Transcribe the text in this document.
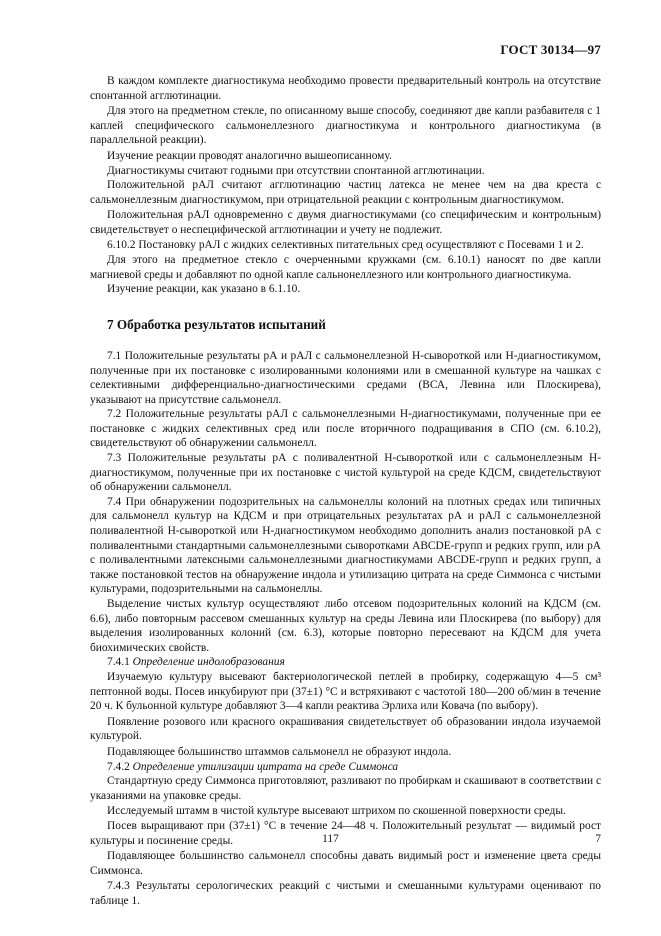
ГОСТ 30134—97

В каждом комплекте диагностикума необходимо провести предварительный контроль на отсутствие спонтанной агглютинации.

Для этого на предметном стекле, по описанному выше способу, соединяют две капли разбавителя с 1 каплей специфического сальмонеллезного диагностикума и контрольного диагностикума (в параллельной реакции).

Изучение реакции проводят аналогично вышеописанному.

Диагностикумы считают годными при отсутствии спонтанной агглютинации.

Положительной рАЛ считают агглютинацию частиц латекса не менее чем на два креста с сальмонеллезным диагностикумом, при отрицательной реакции с контрольным диагностикумом.

Положительная рАЛ одновременно с двумя диагностикумами (со специфическим и контрольным) свидетельствует о неспецифической агглютинации и учету не подлежит.

6.10.2 Постановку рАЛ с жидких селективных питательных сред осуществляют с Посевами 1 и 2.

Для этого на предметное стекло с очерченными кружками (см. 6.10.1) наносят по две капли магниевой среды и добавляют по одной капле сальнонеллезного или контрольного диагностикума.

Изучение реакции, как указано в 6.1.10.

7 Обработка результатов испытаний

7.1 Положительные результаты рА и рАЛ с сальмонеллезной Н-сывороткой или Н-диагностикумом, полученные при их постановке с изолированными колониями или в смешанной культуре на чашках с селективными дифференциально-диагностическими средами (ВСА, Левина или Плоскирева), указывают на присутствие сальмонелл.

7.2 Положительные результаты рАЛ с сальмонеллезными Н-диагностикумами, полученные при ее постановке с жидких селективных сред или после вторичного подращивания в СПО (см. 6.10.2), свидетельствуют об обнаружении сальмонелл.

7.3 Положительные результаты рА с поливалентной Н-сывороткой или с сальмонеллезным Н-диагностикумом, полученные при их постановке с чистой культурой на среде КДСМ, свидетельствуют об обнаружении сальмонелл.

7.4 При обнаружении подозрительных на сальмонеллы колоний на плотных средах или типичных для сальмонелл культур на КДСМ и при отрицательных результатах рА и рАЛ с сальмонеллезной поливалентной Н-сывороткой или Н-диагностикумом необходимо дополнить анализ постановкой рА с поливалентными стандартными сальмонеллезными сыворотками ABCDE-групп и редких групп, или рА с поливалентными латексными сальмонеллезными диагностикумами ABCDE-групп и редких групп, а также постановкой тестов на обнаружение индола и утилизацию цитрата на среде Симмонса с чистыми культурами, подозрительными на сальмонеллы.

Выделение чистых культур осуществляют либо отсевом подозрительных колоний на КДСМ (см. 6.6), либо повторным рассевом смешанных культур на среды Левина или Плоскирева (по выбору) для выделения изолированных колоний (см. 6.3), которые повторно пересевают на КДСМ для учета биохимических свойств.

7.4.1 Определение индолобразования

Изучаемую культуру высевают бактериологической петлей в пробирку, содержащую 4—5 см³ пептонной воды. Посев инкубируют при (37±1) °С и встряхивают с частотой 180—200 об/мин в течение 20 ч. К бульонной культуре добавляют 3—4 капли реактива Эрлиха или Ковача (по выбору).

Появление розового или красного окрашивания свидетельствует об образовании индола изучаемой культурой.

Подавляющее большинство штаммов сальмонелл не образуют индола.

7.4.2 Определение утилизации цитрата на среде Симмонса

Стандартную среду Симмонса приготовляют, разливают по пробиркам и скашивают в соответствии с указаниями на упаковке среды.

Исследуемый штамм в чистой культуре высевают штрихом по скошенной поверхности среды.

Посев выращивают при (37±1) °С в течение 24—48 ч. Положительный результат — видимый рост культуры и посинение среды.

Подавляющее большинство сальмонелл способны давать видимый рост и изменение цвета среды Симмонса.

7.4.3 Результаты серологических реакций с чистыми и смешанными культурами оценивают по таблице 1.

117	7
